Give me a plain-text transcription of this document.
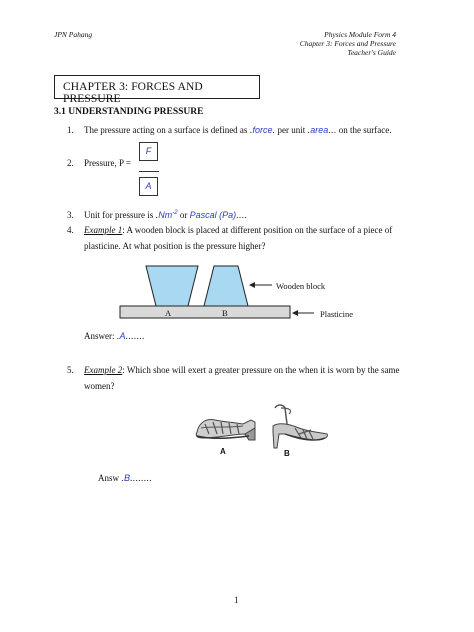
JPN Pahang	Physics Module Form 4
Chapter 3: Forces and Pressure
Teacher's Guide
CHAPTER 3: FORCES AND PRESSURE
3.1 UNDERSTANDING PRESSURE
1. The pressure acting on a surface is defined as .force. per unit .area... on the surface.
2. Pressure, P =
F
A
3. Unit for pressure is $.Nm^{-2}$ or Pascal (Pa)....
4. Example 1: A wooden block is placed at different position on the surface of a piece of
plasticine. At what position is the pressure higher?
A	B
Wooden block
Plasticine
Answer: .A.......
5. Example 2: Which shoe will exert a greater pressure on the when it is worn by the same
women?
A	B
Answ .B........
1
